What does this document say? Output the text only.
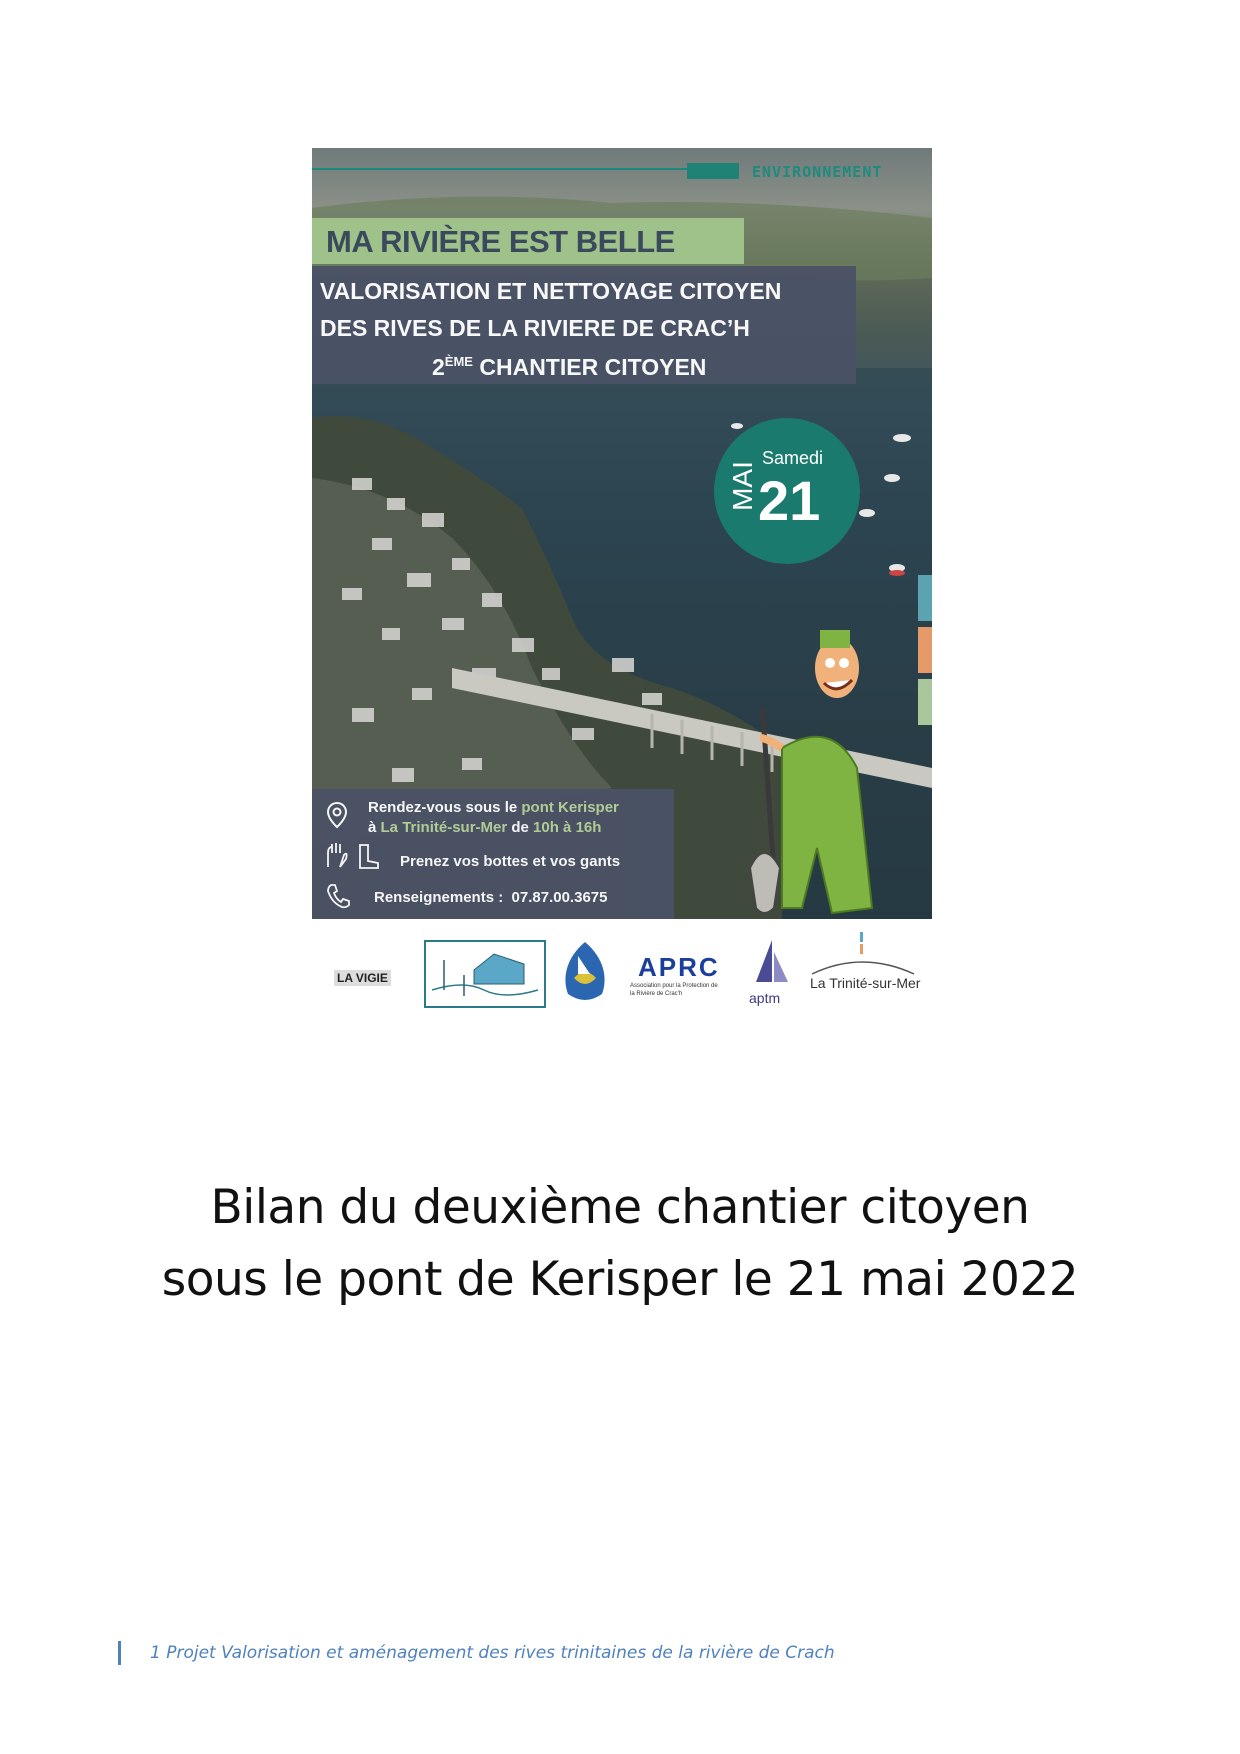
ENVIRONNEMENT
MA RIVIÈRE EST BELLE
VALORISATION ET NETTOYAGE CITOYEN
DES RIVES DE LA RIVIERE DE CRAC’H
2ÈME CHANTIER CITOYEN
MAI
Samedi
21
Rendez-vous sous le pont Kerisper
à La Trinité-sur-Mer de 10h à 16h
Prenez vos bottes et vos gants
Renseignements : 07.87.00.3675
LA VIGIE	APRC
Association pour la Protection de la Rivière de Crac'h	aptm
La Trinité-sur-Mer
Bilan du deuxième chantier citoyen
sous le pont de Kerisper le 21 mai 2022
1 Projet Valorisation et aménagement des rives trinitaines de la rivière de Crach
